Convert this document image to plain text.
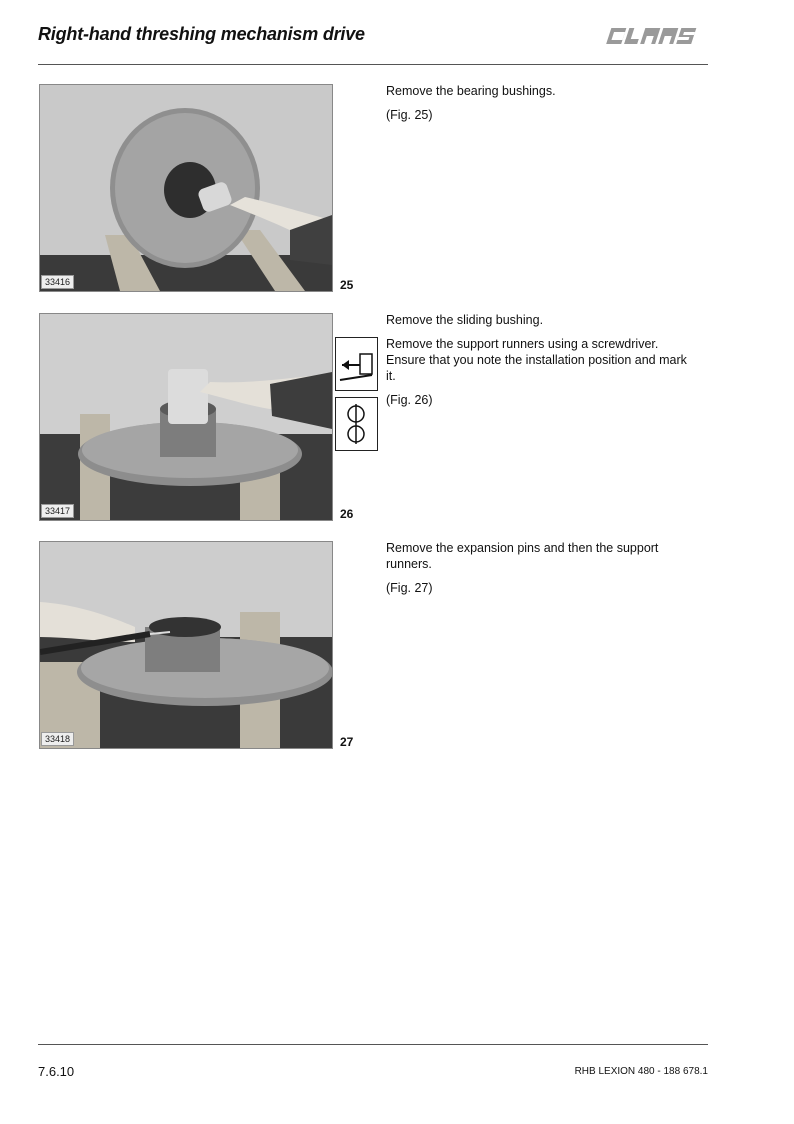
Right-hand threshing mechanism drive
33416	25

Remove the bearing bushings.

(Fig. 25)

33417	26

Remove the sliding bushing.

Remove the support runners using a screwdriver. Ensure that you note the installation position and mark it.

(Fig. 26)

33418	27

Remove the expansion pins and then the support runners.

(Fig. 27)

7.6.10	RHB LEXION 480 - 188 678.1
